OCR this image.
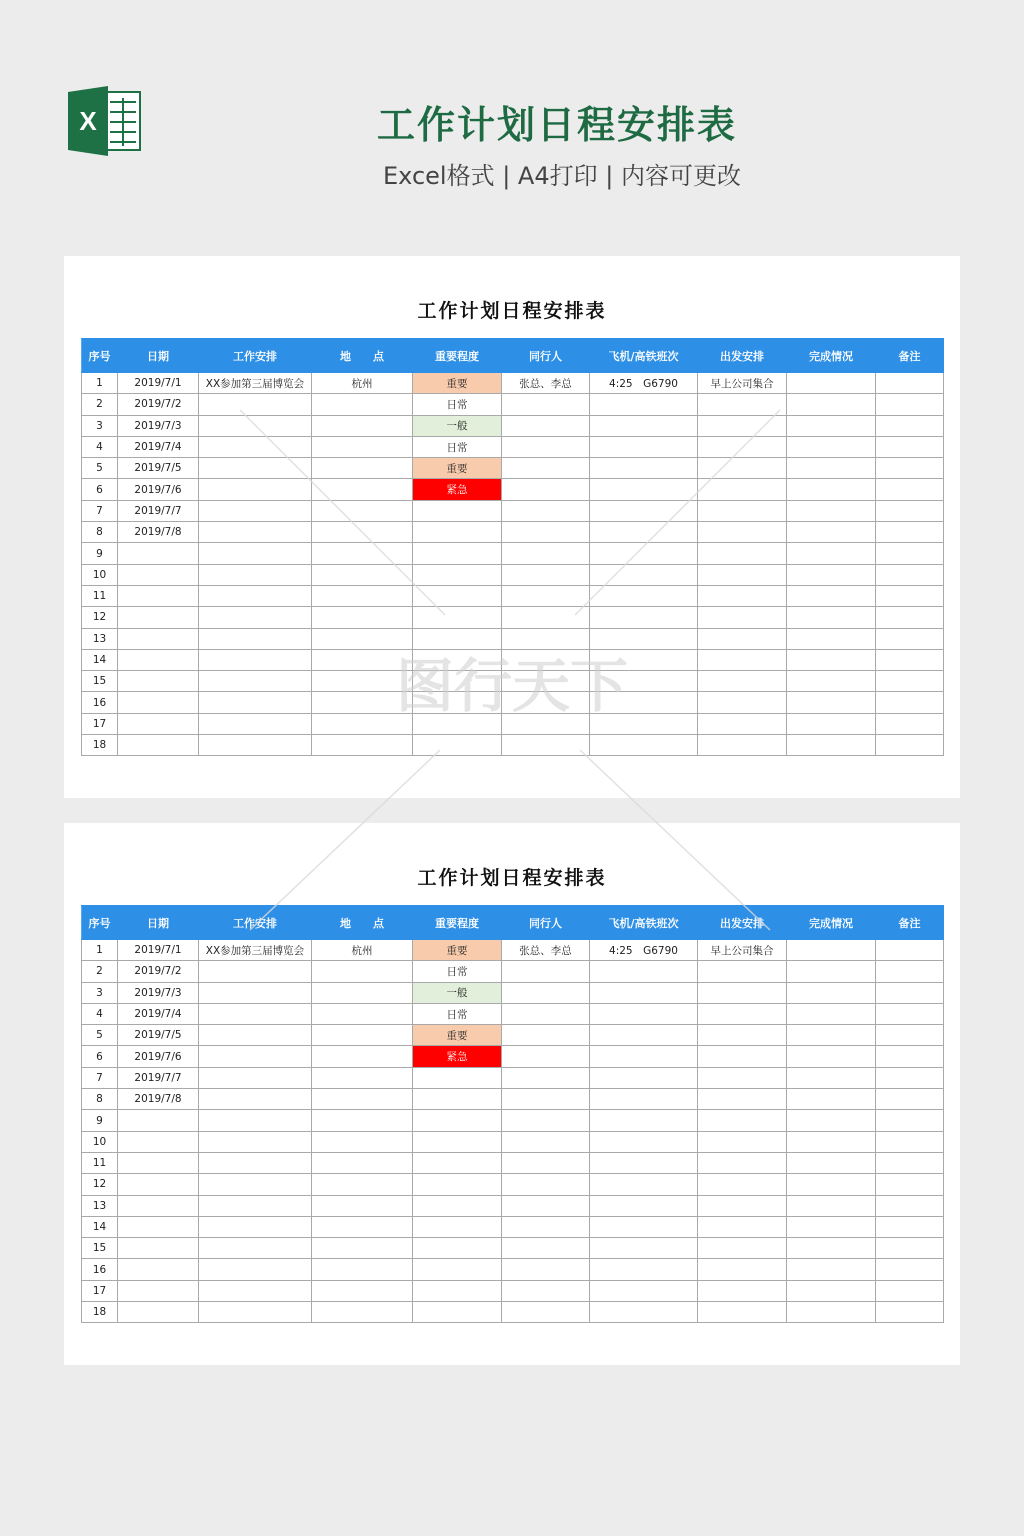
X	工作计划日程安排表
Excel格式 | A4打印 | 内容可更改
工作计划日程安排表
序号	日期	工作安排	地　　点	重要程度	同行人	飞机/高铁班次	出发安排	完成情况	备注
1	2019/7/1	XX参加第三届博览会	杭州	重要	张总、李总	4:25　G6790	早上公司集合		
2	2019/7/2			日常					
3	2019/7/3			一般					
4	2019/7/4			日常					
5	2019/7/5			重要					
6	2019/7/6			紧急					
7	2019/7/7								
8	2019/7/8								
9									
10									
11									
12									
13									
14									
15									
16									
17									
18									
工作计划日程安排表
序号	日期	工作安排	地　　点	重要程度	同行人	飞机/高铁班次	出发安排	完成情况	备注
1	2019/7/1	XX参加第三届博览会	杭州	重要	张总、李总	4:25　G6790	早上公司集合		
2	2019/7/2			日常					
3	2019/7/3			一般					
4	2019/7/4			日常					
5	2019/7/5			重要					
6	2019/7/6			紧急					
7	2019/7/7								
8	2019/7/8								
9									
10									
11									
12									
13									
14									
15									
16									
17									
18									
图行天下
